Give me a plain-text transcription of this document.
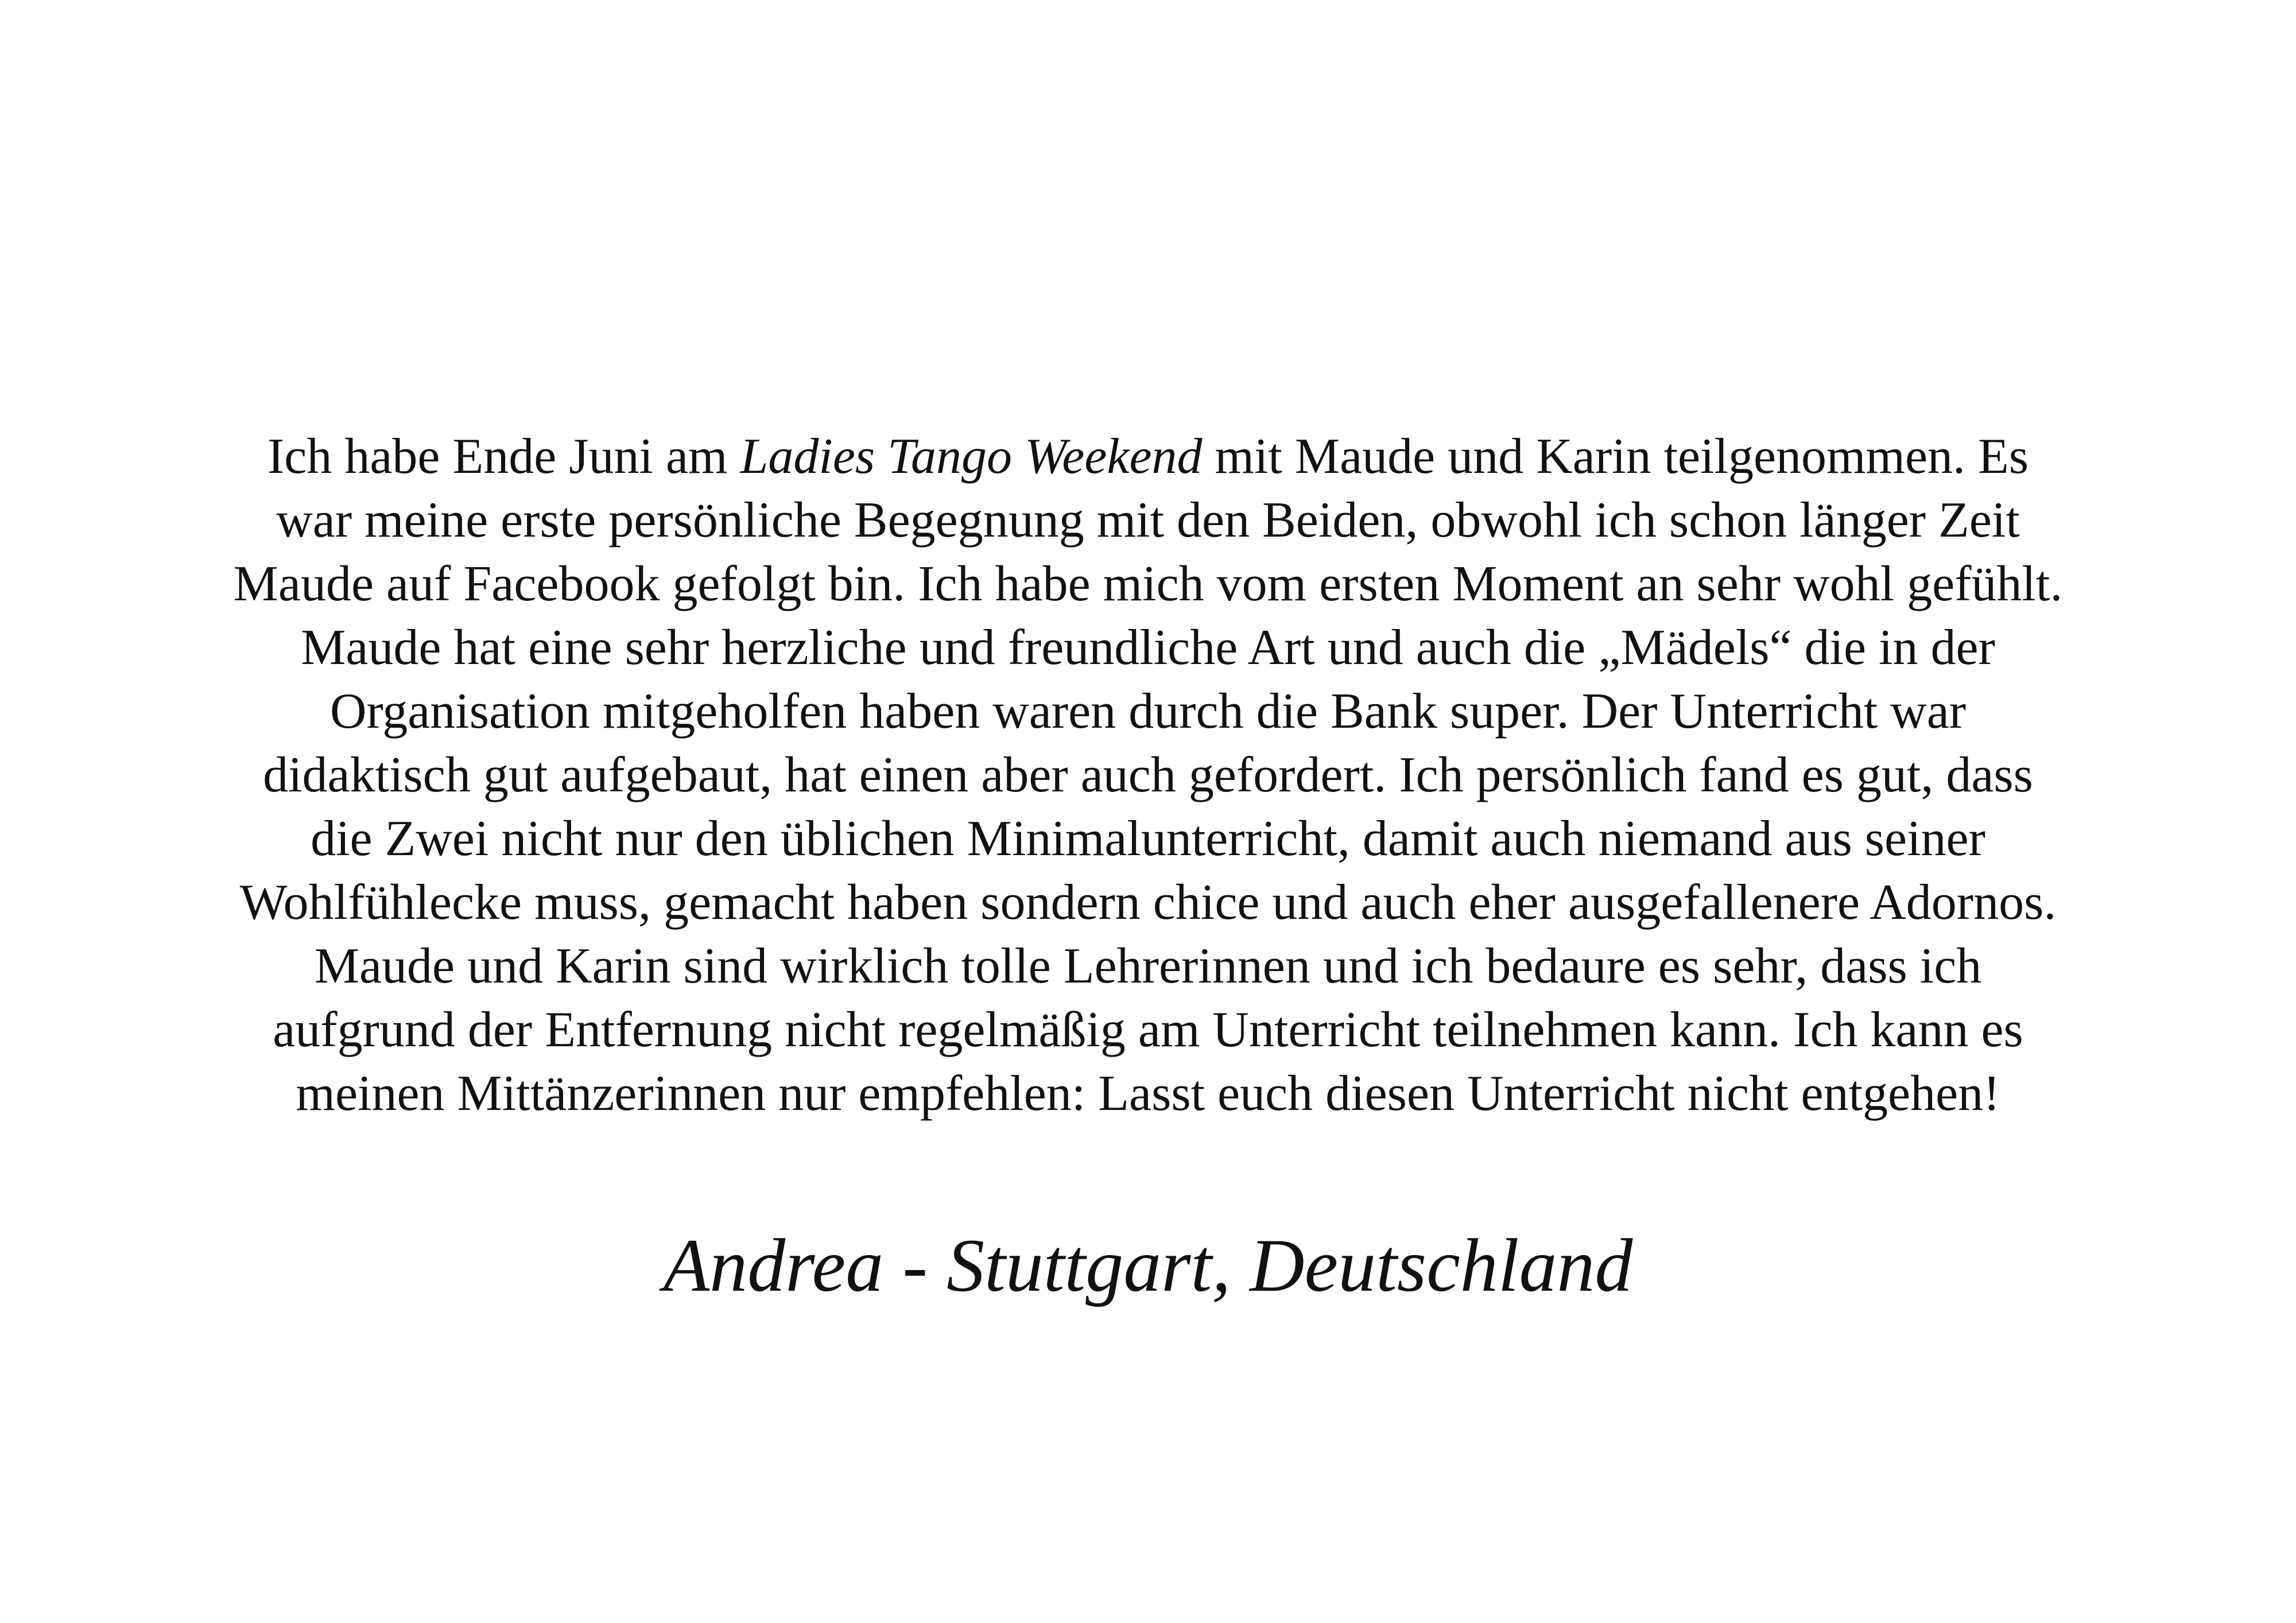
Ich habe Ende Juni am Ladies Tango Weekend mit Maude und Karin teilgenommen. Es
war meine erste persönliche Begegnung mit den Beiden, obwohl ich schon länger Zeit
Maude auf Facebook gefolgt bin. Ich habe mich vom ersten Moment an sehr wohl gefühlt.
Maude hat eine sehr herzliche und freundliche Art und auch die „Mädels“ die in der
Organisation mitgeholfen haben waren durch die Bank super. Der Unterricht war
didaktisch gut aufgebaut, hat einen aber auch gefordert. Ich persönlich fand es gut, dass
die Zwei nicht nur den üblichen Minimalunterricht, damit auch niemand aus seiner
Wohlfühlecke muss, gemacht haben sondern chice und auch eher ausgefallenere Adornos.
Maude und Karin sind wirklich tolle Lehrerinnen und ich bedaure es sehr, dass ich
aufgrund der Entfernung nicht regelmäßig am Unterricht teilnehmen kann. Ich kann es
meinen Mittänzerinnen nur empfehlen: Lasst euch diesen Unterricht nicht entgehen!

Andrea - Stuttgart, Deutschland
